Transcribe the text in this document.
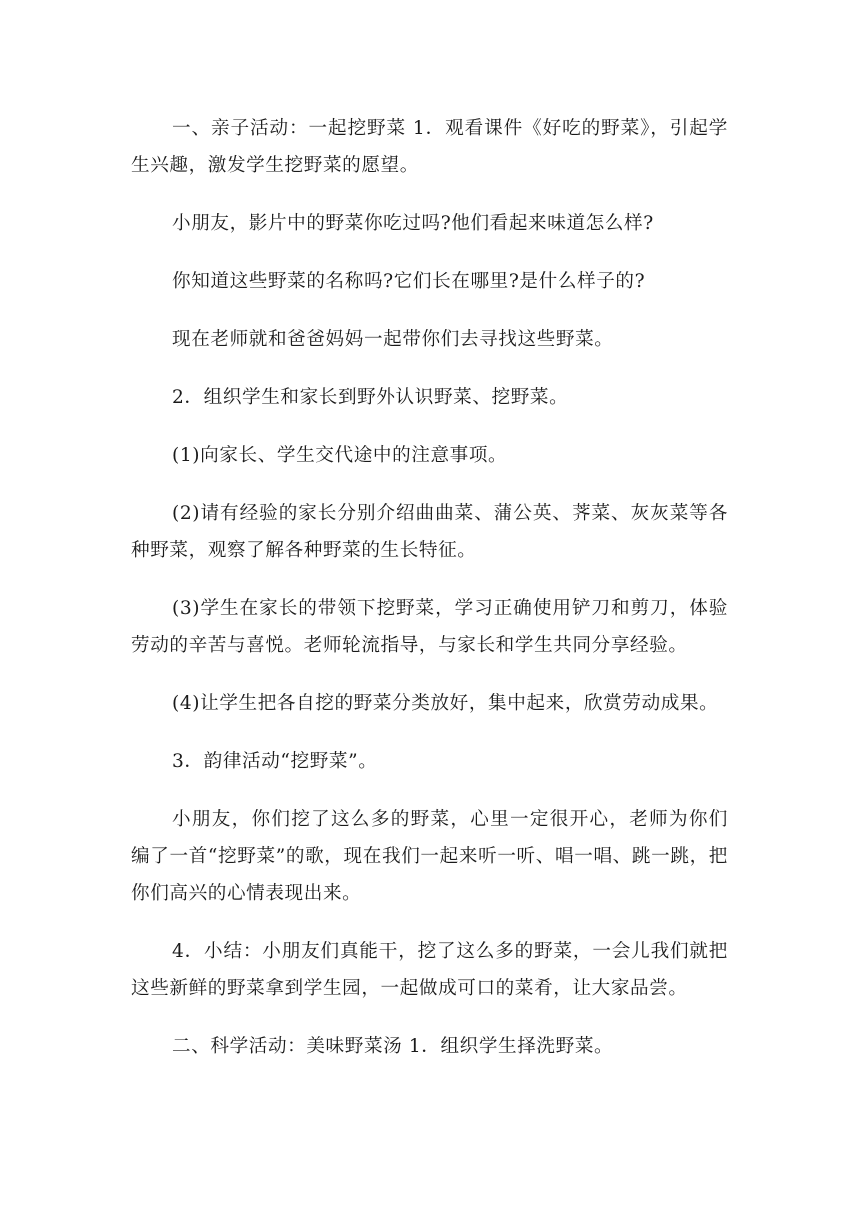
一、亲子活动：一起挖野菜 1．观看课件《好吃的野菜》，引起学生兴趣，激发学生挖野菜的愿望。

小朋友，影片中的野菜你吃过吗?他们看起来味道怎么样?

你知道这些野菜的名称吗?它们长在哪里?是什么样子的?

现在老师就和爸爸妈妈一起带你们去寻找这些野菜。

2．组织学生和家长到野外认识野菜、挖野菜。

(1)向家长、学生交代途中的注意事项。

(2)请有经验的家长分别介绍曲曲菜、蒲公英、荠菜、灰灰菜等各种野菜，观察了解各种野菜的生长特征。

(3)学生在家长的带领下挖野菜，学习正确使用铲刀和剪刀，体验劳动的辛苦与喜悦。老师轮流指导，与家长和学生共同分享经验。

(4)让学生把各自挖的野菜分类放好，集中起来，欣赏劳动成果。

3．韵律活动“挖野菜”。

小朋友，你们挖了这么多的野菜，心里一定很开心，老师为你们编了一首“挖野菜”的歌，现在我们一起来听一听、唱一唱、跳一跳，把你们高兴的心情表现出来。

4．小结：小朋友们真能干，挖了这么多的野菜，一会儿我们就把这些新鲜的野菜拿到学生园，一起做成可口的菜肴，让大家品尝。

二、科学活动：美味野菜汤 1．组织学生择洗野菜。
